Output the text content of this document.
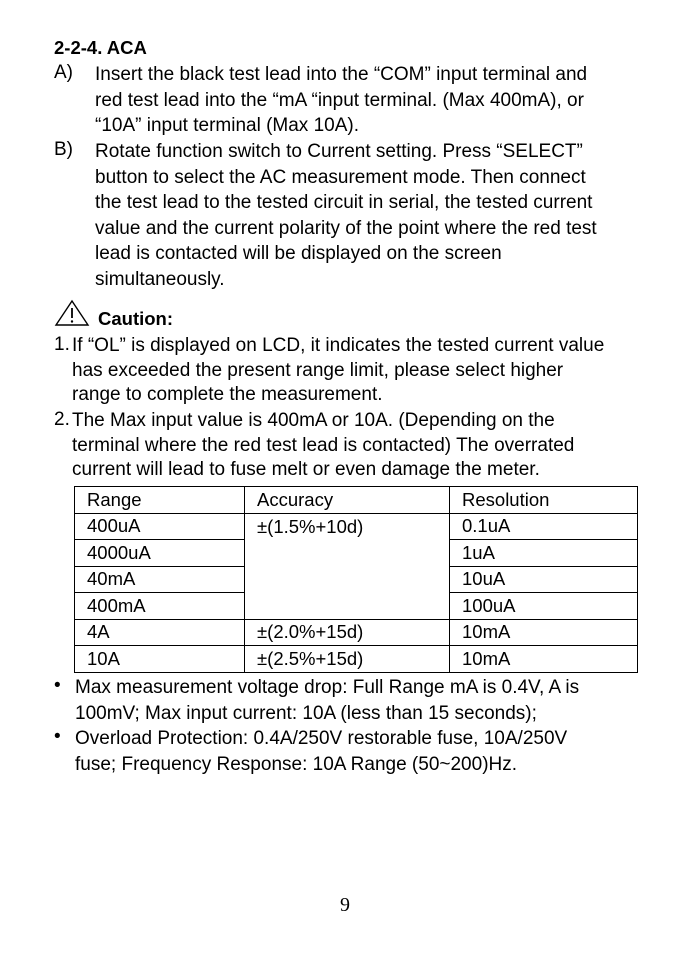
2-2-4. ACA
A) Insert the black test lead into the “COM” input terminal and
red test lead into the “mA “input terminal. (Max 400mA), or
“10A” input terminal (Max 10A).
B) Rotate function switch to Current setting. Press “SELECT”
button to select the AC measurement mode. Then connect
the test lead to the tested circuit in serial, the tested current
value and the current polarity of the point where the red test
lead is contacted will be displayed on the screen
simultaneously.
Caution:
1. If “OL” is displayed on LCD, it indicates the tested current value
has exceeded the present range limit, please select higher
range to complete the measurement.
2. The Max input value is 400mA or 10A. (Depending on the
terminal where the red test lead is contacted) The overrated
current will lead to fuse melt or even damage the meter.
Range	Accuracy	Resolution
400uA	±(1.5%+10d)	0.1uA
4000uA		1uA
40mA		10uA
400mA		100uA
4A	±(2.0%+15d)	10mA
10A	±(2.5%+15d)	10mA
• Max measurement voltage drop: Full Range mA is 0.4V, A is
100mV; Max input current: 10A (less than 15 seconds);
• Overload Protection: 0.4A/250V restorable fuse, 10A/250V
fuse; Frequency Response: 10A Range (50~200)Hz.
9
